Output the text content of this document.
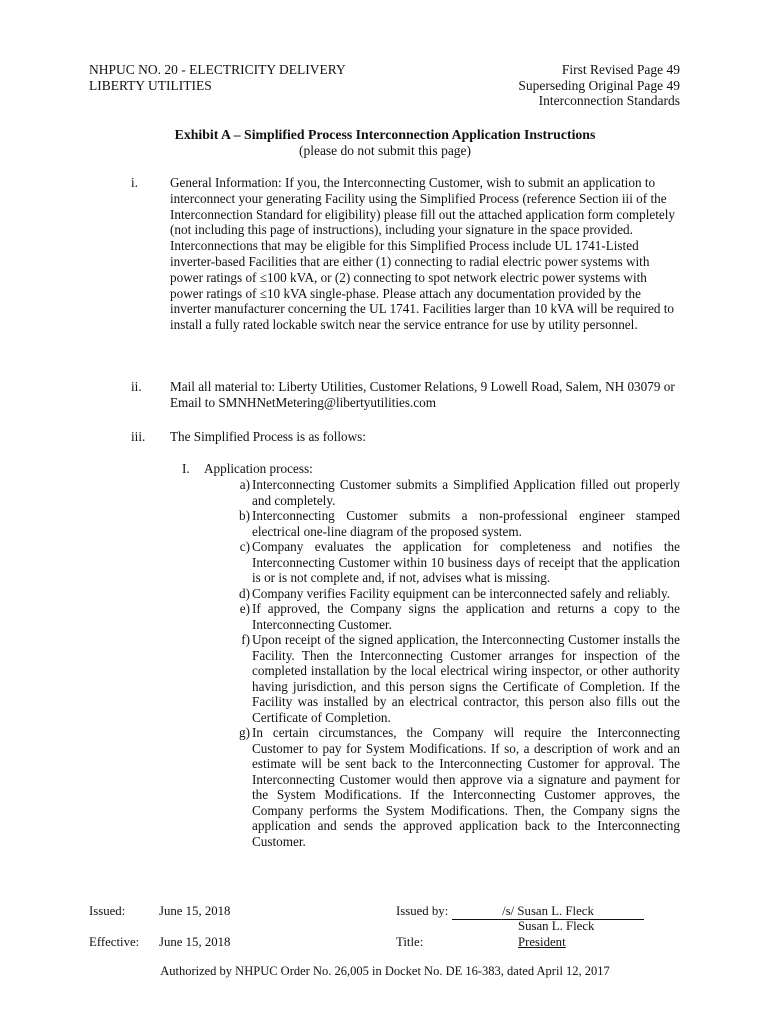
NHPUC NO. 20 - ELECTRICITY DELIVERY
LIBERTY UTILITIES
First Revised Page 49
Superseding Original Page 49
Interconnection Standards
Exhibit A – Simplified Process Interconnection Application Instructions
(please do not submit this page)
i.	General Information: If you, the Interconnecting Customer, wish to submit an application to interconnect your generating Facility using the Simplified Process (reference Section iii of the Interconnection Standard for eligibility) please fill out the attached application form completely (not including this page of instructions), including your signature in the space provided. Interconnections that may be eligible for this Simplified Process include UL 1741-Listed inverter-based Facilities that are either (1) connecting to radial electric power systems with power ratings of ≤100 kVA, or (2) connecting to spot network electric power systems with power ratings of ≤10 kVA single-phase. Please attach any documentation provided by the inverter manufacturer concerning the UL 1741. Facilities larger than 10 kVA will be required to install a fully rated lockable switch near the service entrance for use by utility personnel.
ii.	Mail all material to: Liberty Utilities, Customer Relations, 9 Lowell Road, Salem, NH 03079 or Email to SMNHNetMetering@libertyutilities.com
iii.	The Simplified Process is as follows:
I. Application process:
a) Interconnecting Customer submits a Simplified Application filled out properly and completely.
b) Interconnecting Customer submits a non-professional engineer stamped electrical one-line diagram of the proposed system.
c) Company evaluates the application for completeness and notifies the Interconnecting Customer within 10 business days of receipt that the application is or is not complete and, if not, advises what is missing.
d) Company verifies Facility equipment can be interconnected safely and reliably.
e) If approved, the Company signs the application and returns a copy to the Interconnecting Customer.
f) Upon receipt of the signed application, the Interconnecting Customer installs the Facility. Then the Interconnecting Customer arranges for inspection of the completed installation by the local electrical wiring inspector, or other authority having jurisdiction, and this person signs the Certificate of Completion. If the Facility was installed by an electrical contractor, this person also fills out the Certificate of Completion.
g) In certain circumstances, the Company will require the Interconnecting Customer to pay for System Modifications. If so, a description of work and an estimate will be sent back to the Interconnecting Customer for approval. The Interconnecting Customer would then approve via a signature and payment for the System Modifications. If the Interconnecting Customer approves, the Company performs the System Modifications. Then, the Company signs the application and sends the approved application back to the Interconnecting Customer.
Issued:	June 15, 2018
Effective: June 15, 2018
Issued by:	/s/ Susan L. Fleck
Susan L. Fleck
Title:	President
Authorized by NHPUC Order No. 26,005 in Docket No. DE 16-383, dated April 12, 2017
